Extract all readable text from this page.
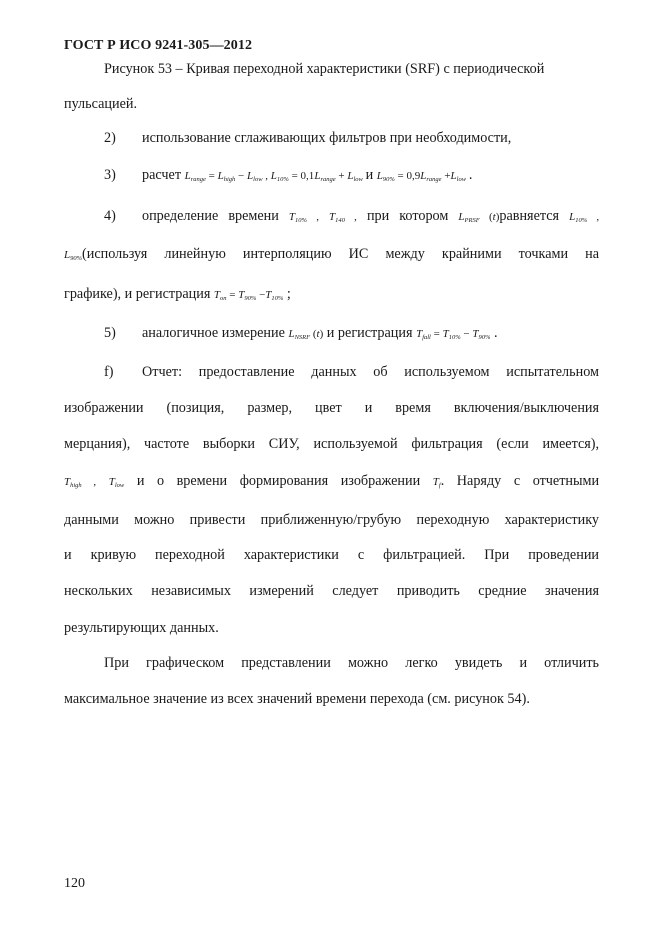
ГОСТ Р ИСО 9241-305—2012
Рисунок 53 – Кривая переходной характеристики (SRF) с периодической
пульсацией.
2) использование сглаживающих фильтров при необходимости,
3) расчет $L_{range} = L_{high} - L_{low}$ , $L_{10\%} = 0,1L_{range} + L_{low}$ и $L_{90\%} = 0,9L_{range} +L_{low}$ .
4) определение времени $T_{10\%}$ , $T_{140}$ , при котором $L_{PRSF}$ (t)равняется $L_{10\%}$ ,
$L_{90\%}(используя$ линейную интерполяцию ИС между крайними точками на
графике), и регистрация $T_{on} = T_{90\%} -T_{10\%}$ ;
5) аналогичное измерение $L_{NSRF}$ (t) и регистрация $T_{fall} = T_{10\%} - T_{90\%}$ .
f) Отчет: предоставление данных об используемом испытательном
изображении (позиция, размер, цвет и время включения/выключения
мерцания), частоте выборки СИУ, используемой фильтрация (если имеется),
$T_{high}$ , $T_{low}$ и о времени формирования изображении $T_f$. Наряду с отчетными
данными можно привести приближенную/грубую переходную характеристику
и кривую переходной характеристики с фильтрацией. При проведении
нескольких независимых измерений следует приводить средние значения
результирующих данных.
При графическом представлении можно легко увидеть и отличить
максимальное значение из всех значений времени перехода (см. рисунок 54).
120
